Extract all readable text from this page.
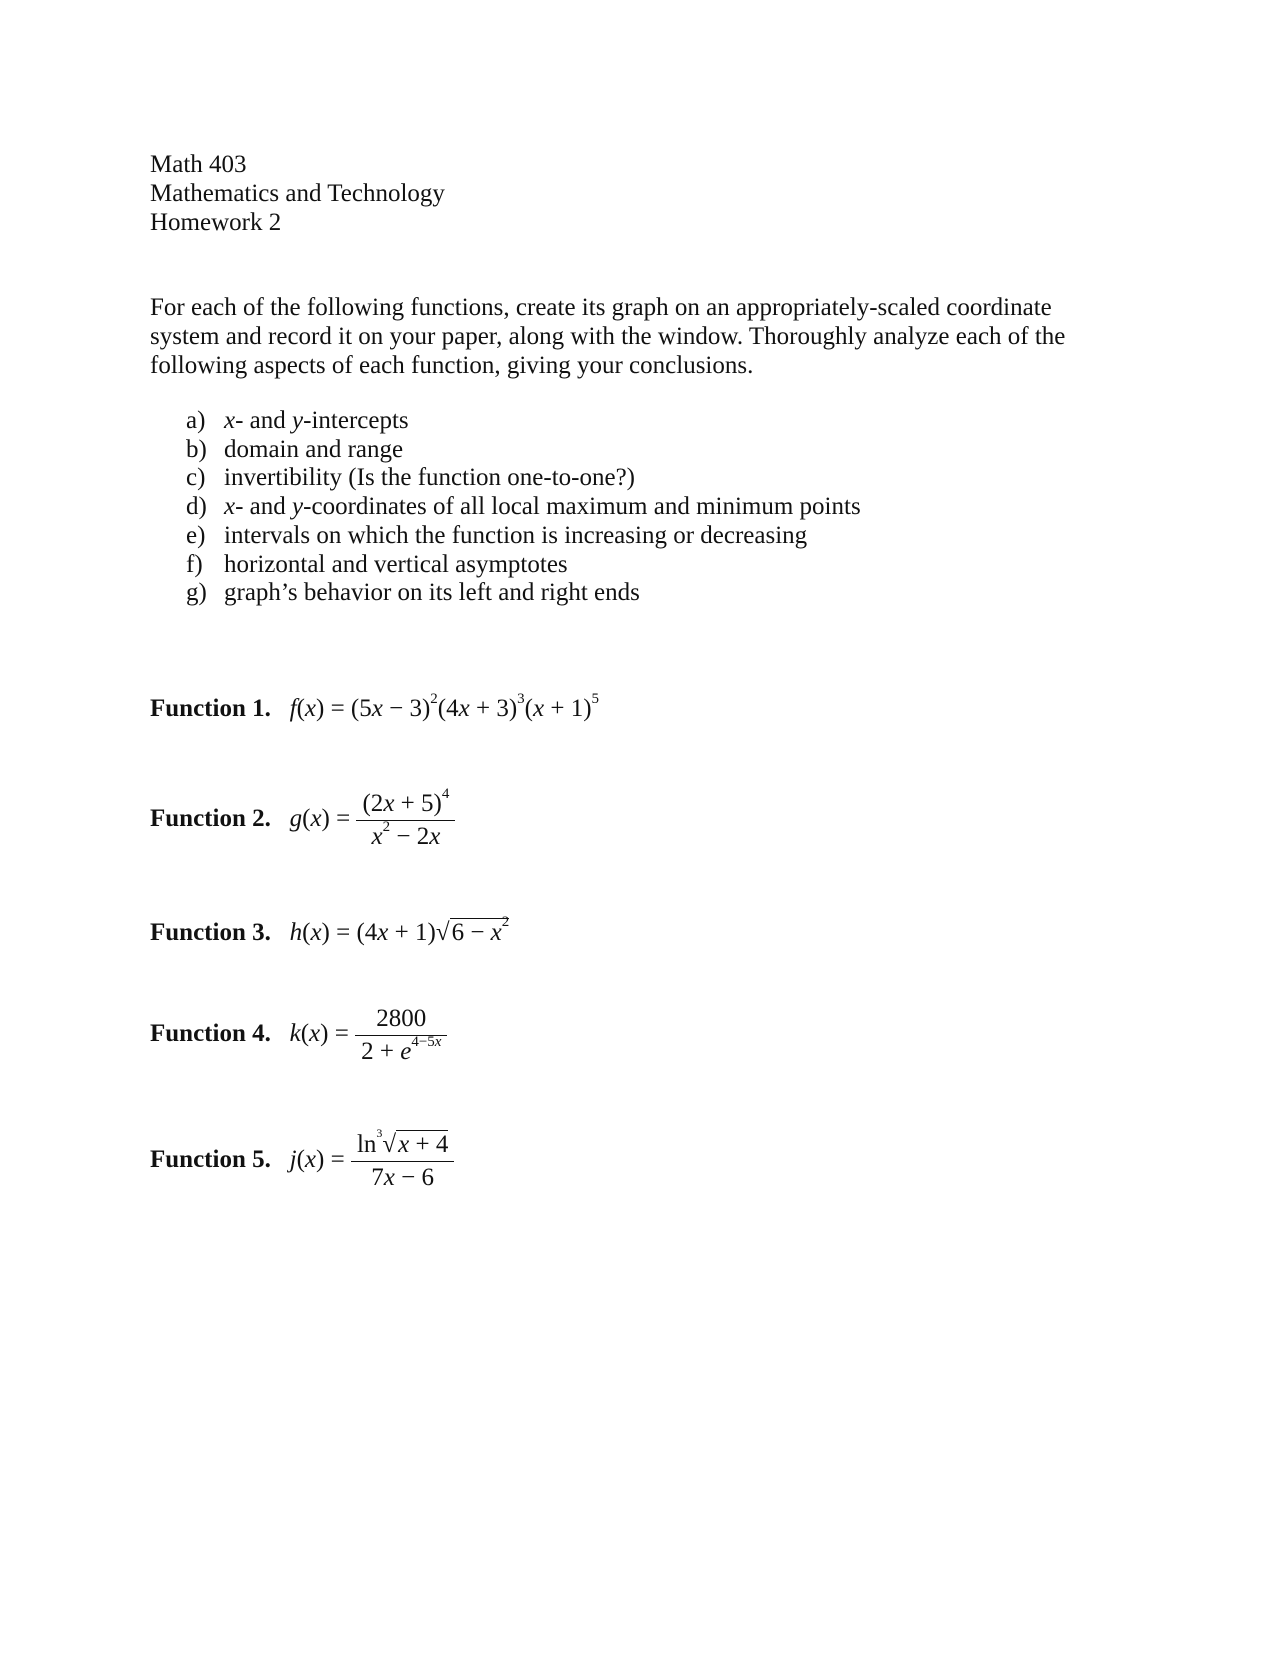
Math 403
Mathematics and Technology
Homework 2
For each of the following functions, create its graph on an appropriately-scaled coordinate
system and record it on your paper, along with the window. Thoroughly analyze each of the
following aspects of each function, giving your conclusions.
a) x- and y-intercepts
b) domain and range
c) invertibility (Is the function one-to-one?)
d) x- and y-coordinates of all local maximum and minimum points
e) intervals on which the function is increasing or decreasing
f) horizontal and vertical asymptotes
g) graph’s behavior on its left and right ends
Function 1. $f(x) = (5x - 3)^2(4x + 3)^3(x + 1)^5$
Function 2. $g(x) = \frac{(2x + 5)^4}{x^2 - 2x}$
Function 3. $h(x) = (4x + 1)√6 - x^2$
Function 4. $k(x) = \frac{2800}{2 + e^{4-5x}}$
Function 5. $j(x) = \frac{\ln^3√x + 4}{7x - 6}$
